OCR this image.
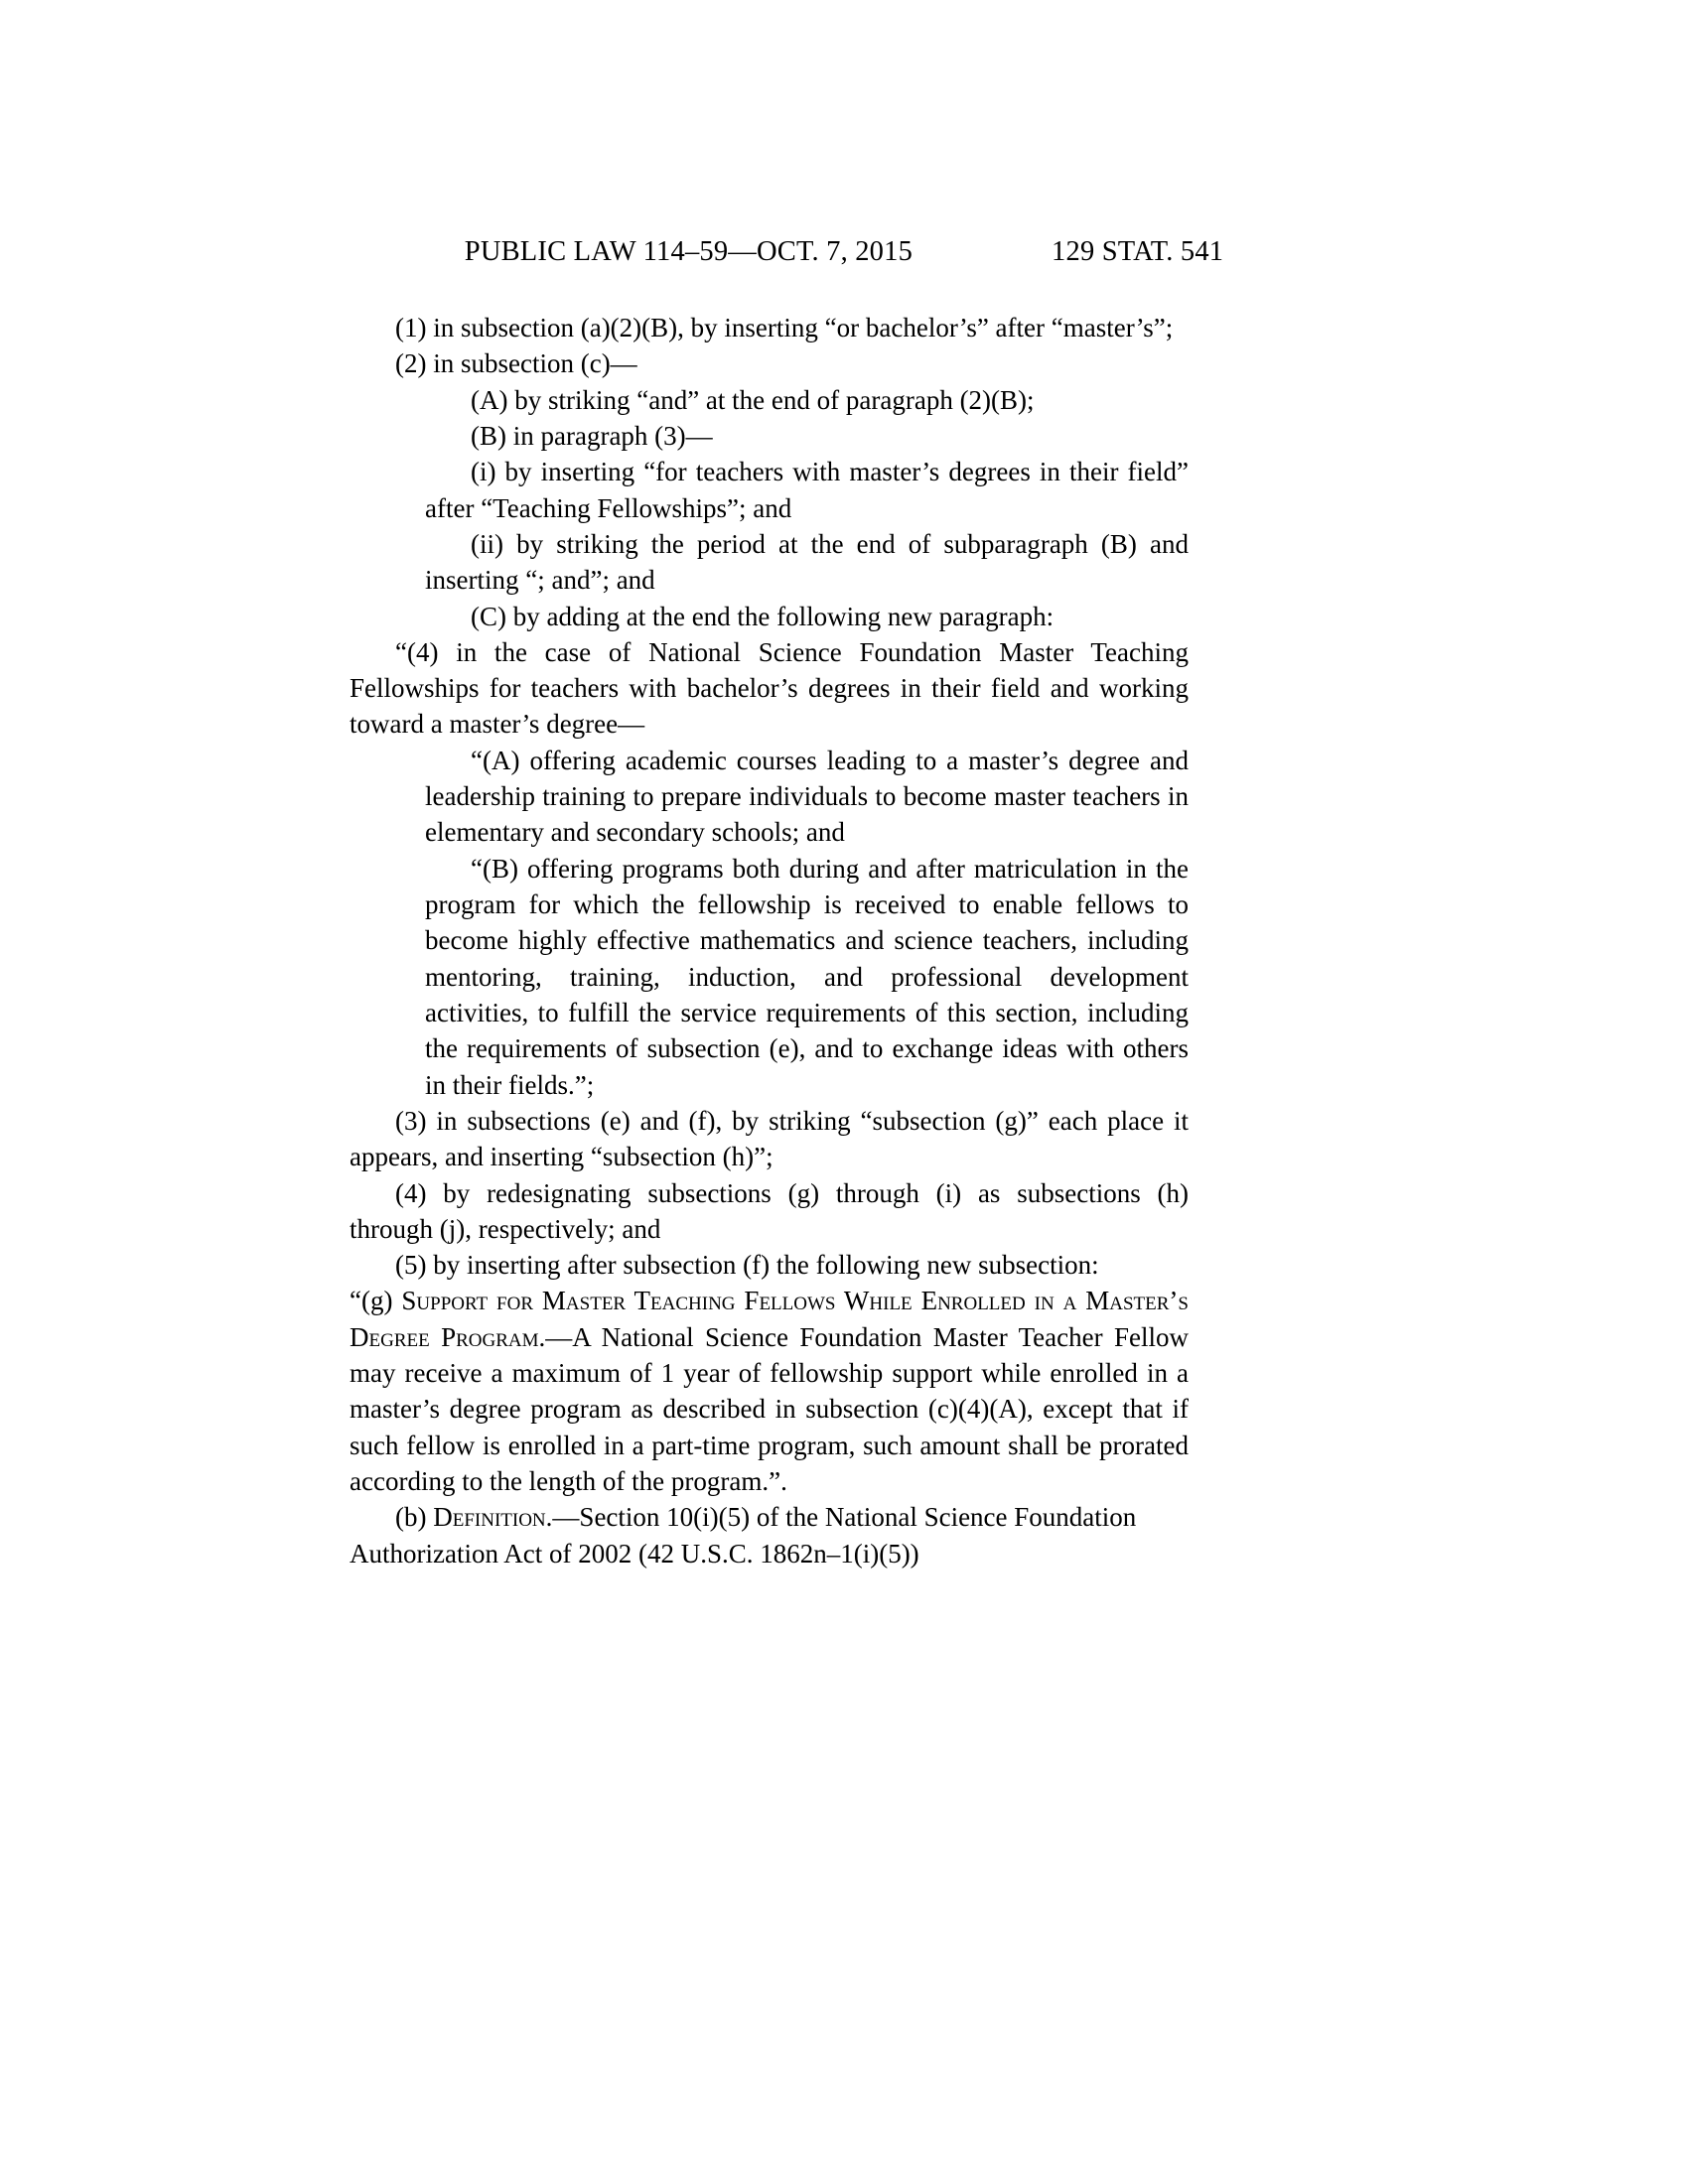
PUBLIC LAW 114–59—OCT. 7, 2015	129 STAT. 541

(1) in subsection (a)(2)(B), by inserting “or bachelor’s” after “master’s”;

(2) in subsection (c)—

(A) by striking “and” at the end of paragraph (2)(B);

(B) in paragraph (3)—

(i) by inserting “for teachers with master’s degrees in their field” after “Teaching Fellowships”; and

(ii) by striking the period at the end of subparagraph (B) and inserting “; and”; and

(C) by adding at the end the following new paragraph:

“(4) in the case of National Science Foundation Master Teaching Fellowships for teachers with bachelor’s degrees in their field and working toward a master’s degree—

“(A) offering academic courses leading to a master’s degree and leadership training to prepare individuals to become master teachers in elementary and secondary schools; and

“(B) offering programs both during and after matriculation in the program for which the fellowship is received to enable fellows to become highly effective mathematics and science teachers, including mentoring, training, induction, and professional development activities, to fulfill the service requirements of this section, including the requirements of subsection (e), and to exchange ideas with others in their fields.”;

(3) in subsections (e) and (f), by striking “subsection (g)” each place it appears, and inserting “subsection (h)”;

(4) by redesignating subsections (g) through (i) as subsections (h) through (j), respectively; and

(5) by inserting after subsection (f) the following new subsection:

“(g) Support for Master Teaching Fellows While Enrolled in a Master’s Degree Program.—A National Science Foundation Master Teacher Fellow may receive a maximum of 1 year of fellowship support while enrolled in a master’s degree program as described in subsection (c)(4)(A), except that if such fellow is enrolled in a part-time program, such amount shall be prorated according to the length of the program.”.

(b) Definition.—Section 10(i)(5) of the National Science Foundation Authorization Act of 2002 (42 U.S.C. 1862n–1(i)(5))
